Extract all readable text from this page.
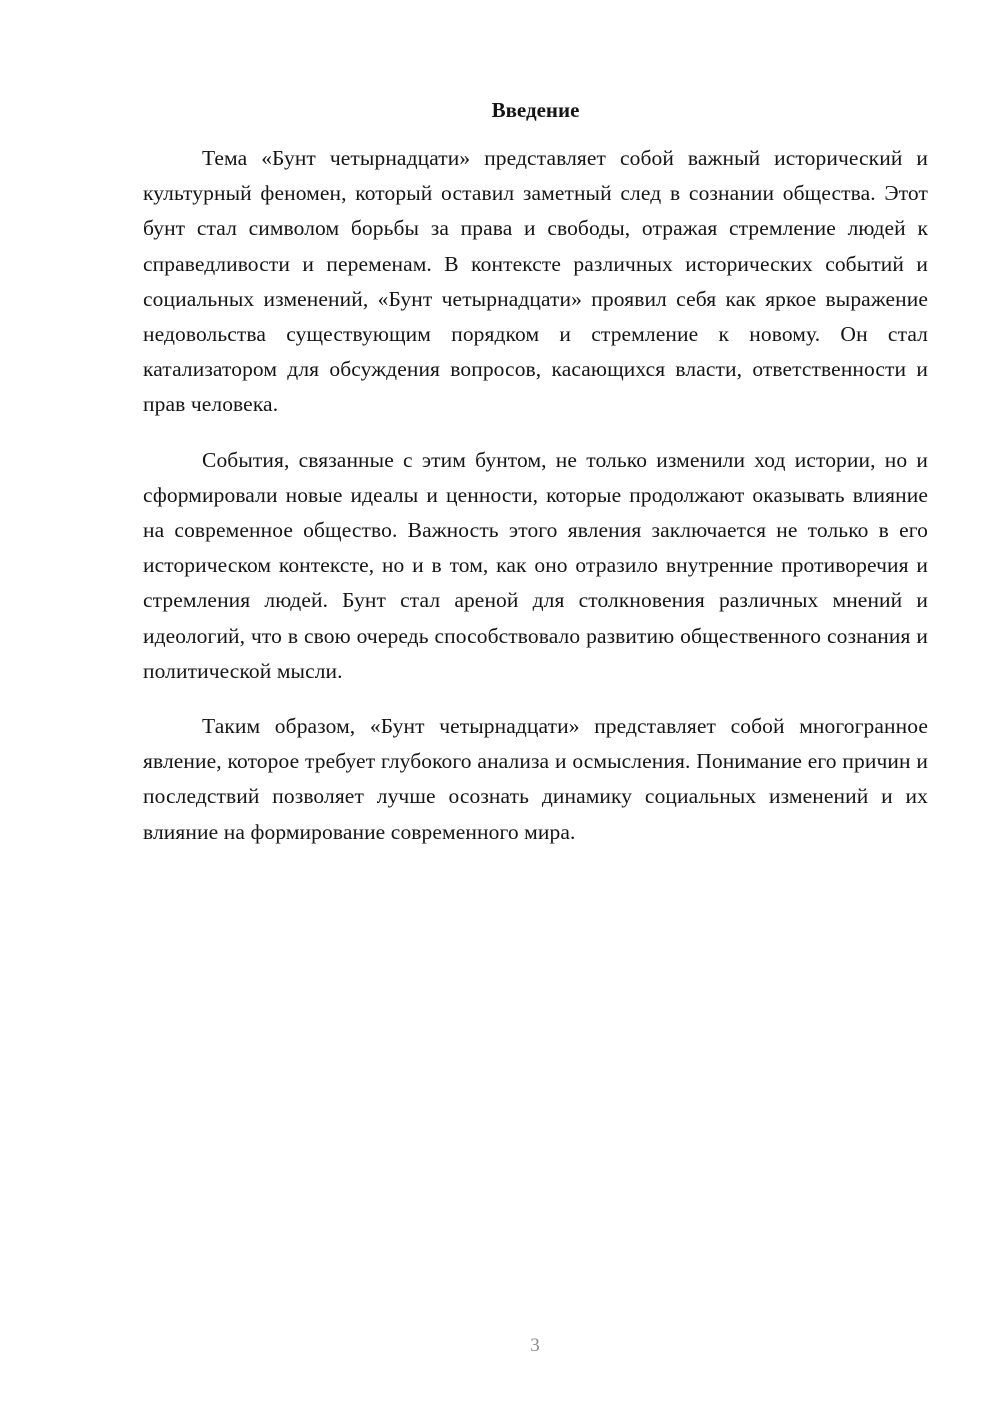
Введение

Тема «Бунт четырнадцати» представляет собой важный исторический и культурный феномен, который оставил заметный след в сознании общества. Этот бунт стал символом борьбы за права и свободы, отражая стремление людей к справедливости и переменам. В контексте различных исторических событий и социальных изменений, «Бунт четырнадцати» проявил себя как яркое выражение недовольства существующим порядком и стремление к новому. Он стал катализатором для обсуждения вопросов, касающихся власти, ответственности и прав человека.

События, связанные с этим бунтом, не только изменили ход истории, но и сформировали новые идеалы и ценности, которые продолжают оказывать влияние на современное общество. Важность этого явления заключается не только в его историческом контексте, но и в том, как оно отразило внутренние противоречия и стремления людей. Бунт стал ареной для столкновения различных мнений и идеологий, что в свою очередь способствовало развитию общественного сознания и политической мысли.

Таким образом, «Бунт четырнадцати» представляет собой многогранное явление, которое требует глубокого анализа и осмысления. Понимание его причин и последствий позволяет лучше осознать динамику социальных изменений и их влияние на формирование современного мира.

3
